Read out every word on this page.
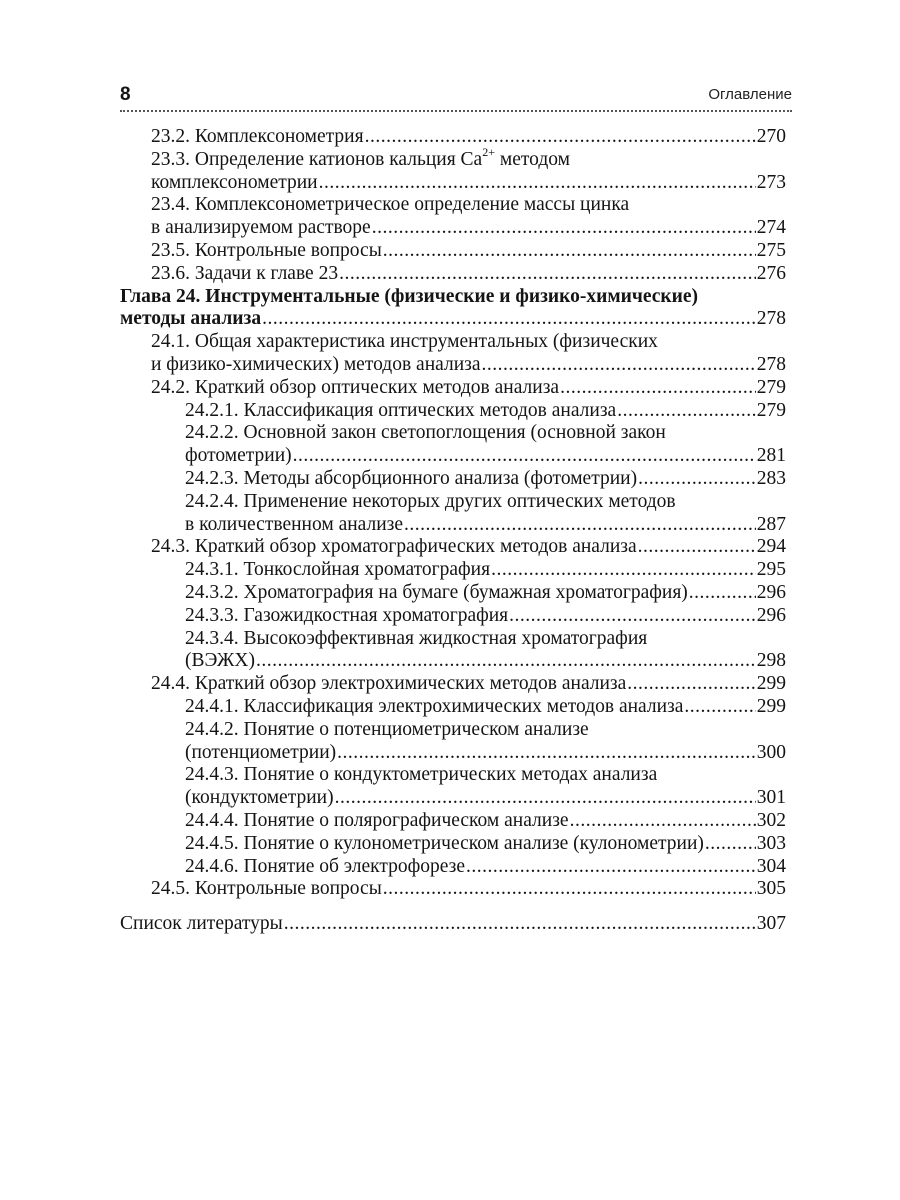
8	Оглавление
23.2. Комплексонометрия .....	270
23.3. Определение катионов кальция $Са^{2+}$ методом
комплексонометрии .....	273
23.4. Комплексонометрическое определение массы цинка
в анализируемом растворе .....	274
23.5. Контрольные вопросы .....	275
23.6. Задачи к главе 23 .....	276
Глава 24. Инструментальные (физические и физико-химические)
методы анализа .....	278
24.1. Общая характеристика инструментальных (физических
и физико-химических) методов анализа .....	278
24.2. Краткий обзор оптических методов анализа .....	279
24.2.1. Классификация оптических методов анализа .....	279
24.2.2. Основной закон светопоглощения (основной закон
фотометрии) .....	281
24.2.3. Методы абсорбционного анализа (фотометрии) .....	283
24.2.4. Применение некоторых других оптических методов
в количественном анализе .....	287
24.3. Краткий обзор хроматографических методов анализа .....	294
24.3.1. Тонкослойная хроматография .....	295
24.3.2. Хроматография на бумаге (бумажная хроматография) .....	296
24.3.3. Газожидкостная хроматография .....	296
24.3.4. Высокоэффективная жидкостная хроматография
(ВЭЖХ) .....	298
24.4. Краткий обзор электрохимических методов анализа .....	299
24.4.1. Классификация электрохимических методов анализа .....	299
24.4.2. Понятие о потенциометрическом анализе
(потенциометрии) .....	300
24.4.3. Понятие о кондуктометрических методах анализа
(кондуктометрии) .....	301
24.4.4. Понятие о полярографическом анализе .....	302
24.4.5. Понятие о кулонометрическом анализе (кулонометрии) .....	303
24.4.6. Понятие об электрофорезе .....	304
24.5. Контрольные вопросы .....	305
Список литературы .....	307
